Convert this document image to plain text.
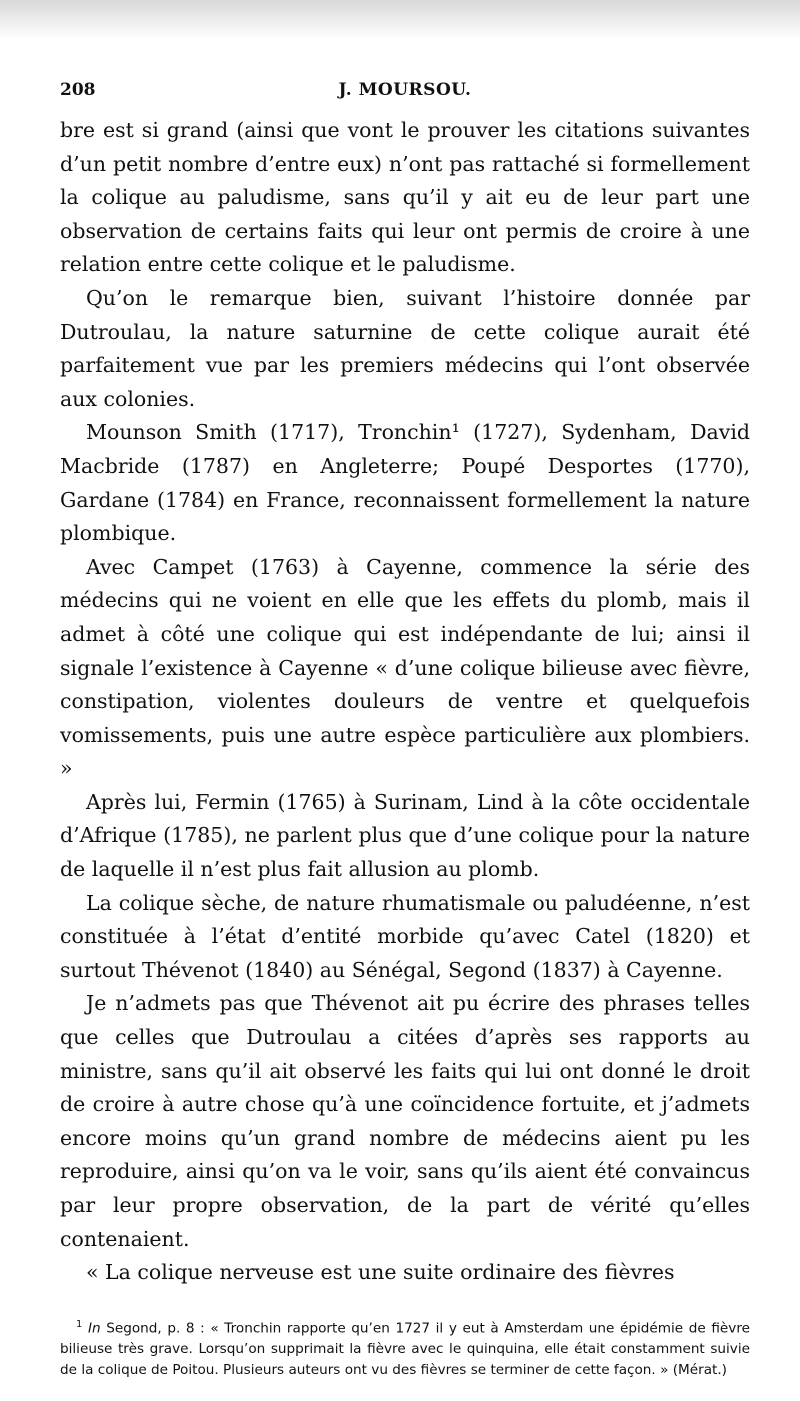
208	J. MOURSOU.

bre est si grand (ainsi que vont le prouver les citations suivantes d’un petit nombre d’entre eux) n’ont pas rattaché si formellement la colique au paludisme, sans qu’il y ait eu de leur part une observation de certains faits qui leur ont permis de croire à une relation entre cette colique et le paludisme.

Qu’on le remarque bien, suivant l’histoire donnée par Dutroulau, la nature saturnine de cette colique aurait été parfaitement vue par les premiers médecins qui l’ont observée aux colonies.

Mounson Smith (1717), Tronchin¹ (1727), Sydenham, David Macbride (1787) en Angleterre; Poupé Desportes (1770), Gardane (1784) en France, reconnaissent formellement la nature plombique.

Avec Campet (1763) à Cayenne, commence la série des médecins qui ne voient en elle que les effets du plomb, mais il admet à côté une colique qui est indépendante de lui; ainsi il signale l’existence à Cayenne « d’une colique bilieuse avec fièvre, constipation, violentes douleurs de ventre et quelquefois vomissements, puis une autre espèce particulière aux plombiers. »

Après lui, Fermin (1765) à Surinam, Lind à la côte occidentale d’Afrique (1785), ne parlent plus que d’une colique pour la nature de laquelle il n’est plus fait allusion au plomb.

La colique sèche, de nature rhumatismale ou paludéenne, n’est constituée à l’état d’entité morbide qu’avec Catel (1820) et surtout Thévenot (1840) au Sénégal, Segond (1837) à Cayenne.

Je n’admets pas que Thévenot ait pu écrire des phrases telles que celles que Dutroulau a citées d’après ses rapports au ministre, sans qu’il ait observé les faits qui lui ont donné le droit de croire à autre chose qu’à une coïncidence fortuite, et j’admets encore moins qu’un grand nombre de médecins aient pu les reproduire, ainsi qu’on va le voir, sans qu’ils aient été convaincus par leur propre observation, de la part de vérité qu’elles contenaient.

« La colique nerveuse est une suite ordinaire des fièvres

$^1$ In Segond, p. 8 : « Tronchin rapporte qu’en 1727 il y eut à Amsterdam une épidémie de fièvre bilieuse très grave. Lorsqu’on supprimait la fièvre avec le quinquina, elle était constamment suivie de la colique de Poitou. Plusieurs auteurs ont vu des fièvres se terminer de cette façon. » (Mérat.)
